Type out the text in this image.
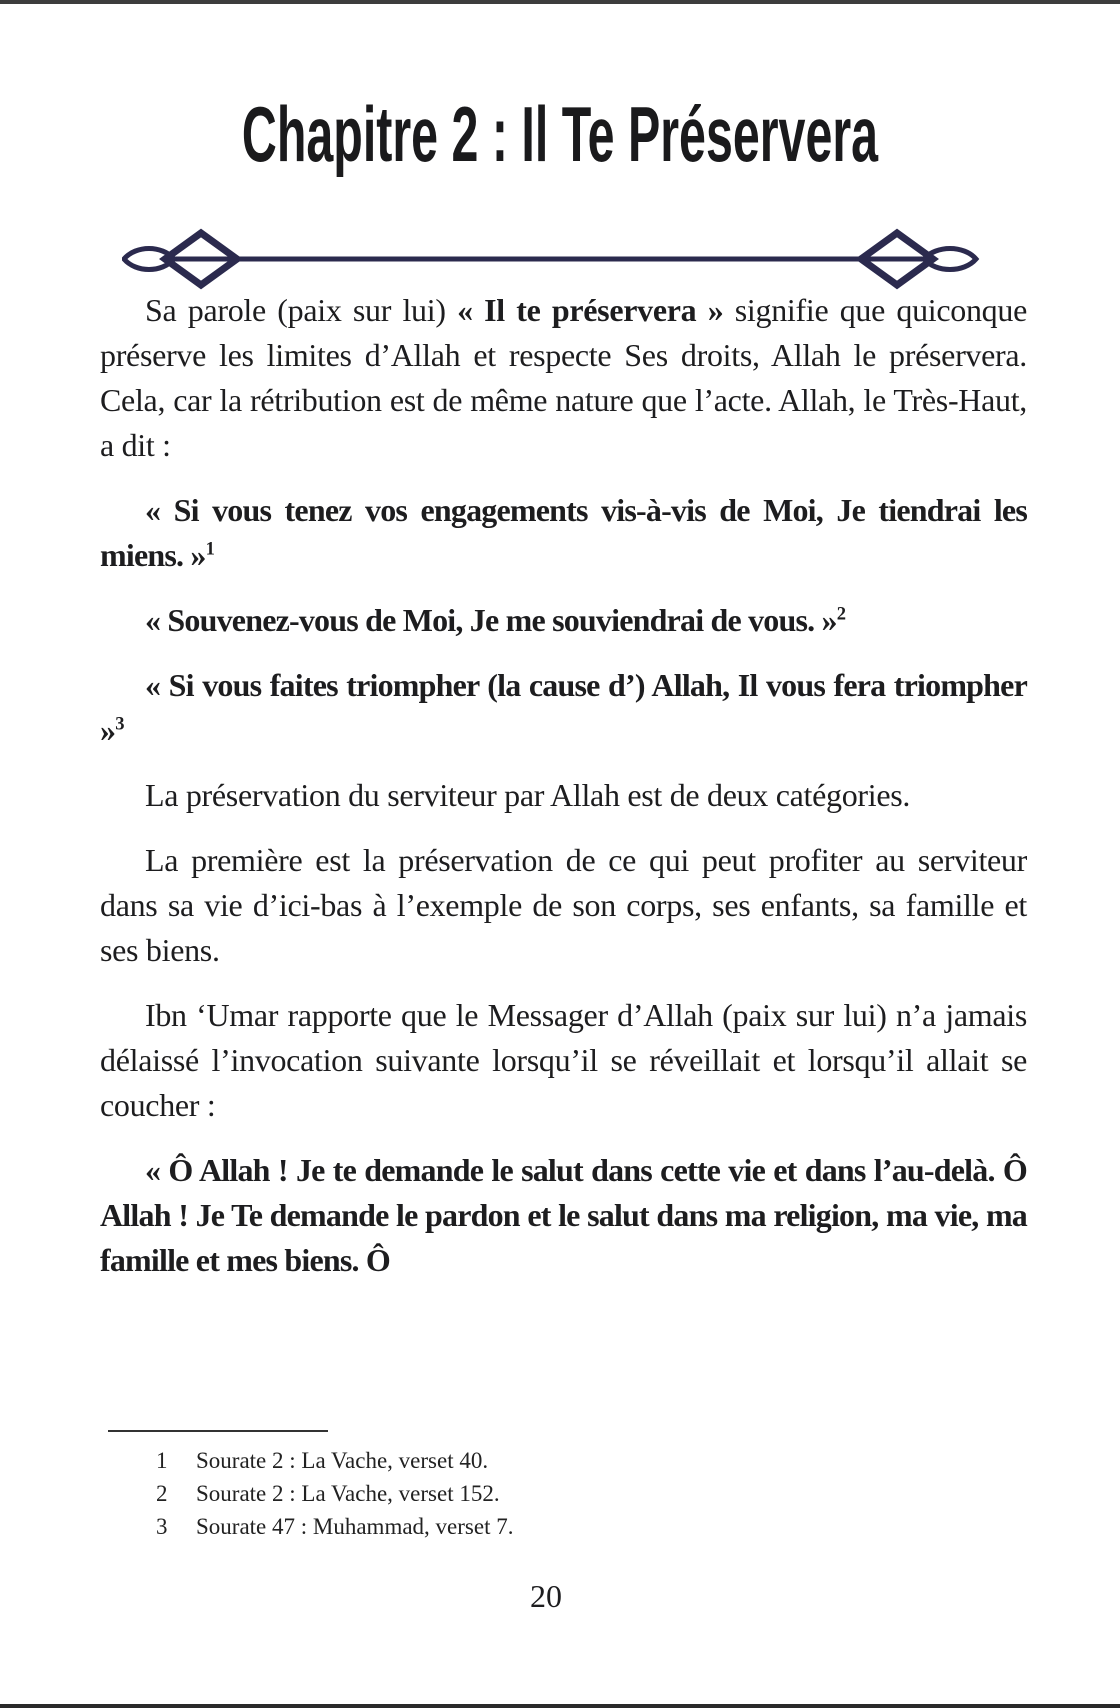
Chapitre 2 : Il Te Préservera

Sa parole (paix sur lui) « Il te préservera » signifie que quiconque préserve les limites d’Allah et respecte Ses droits, Allah le préservera. Cela, car la rétribution est de même nature que l’acte. Allah, le Très-Haut, a dit :

« Si vous tenez vos engagements vis-à-vis de Moi, Je tiendrai les miens. »$^1$

« Souvenez-vous de Moi, Je me souviendrai de vous. »$^2$

« Si vous faites triompher (la cause d’) Allah, Il vous fera triompher »$^3$

La préservation du serviteur par Allah est de deux catégories.

La première est la préservation de ce qui peut profiter au serviteur dans sa vie d’ici-bas à l’exemple de son corps, ses enfants, sa famille et ses biens.

Ibn ‘Umar rapporte que le Messager d’Allah (paix sur lui) n’a jamais délaissé l’invocation suivante lorsqu’il se réveillait et lorsqu’il allait se coucher :

« Ô Allah ! Je te demande le salut dans cette vie et dans l’au-delà. Ô Allah ! Je Te demande le pardon et le salut dans ma religion, ma vie, ma famille et mes biens. Ô

1	Sourate 2 : La Vache, verset 40.
2	Sourate 2 : La Vache, verset 152.
3	Sourate 47 : Muhammad, verset 7.
20
